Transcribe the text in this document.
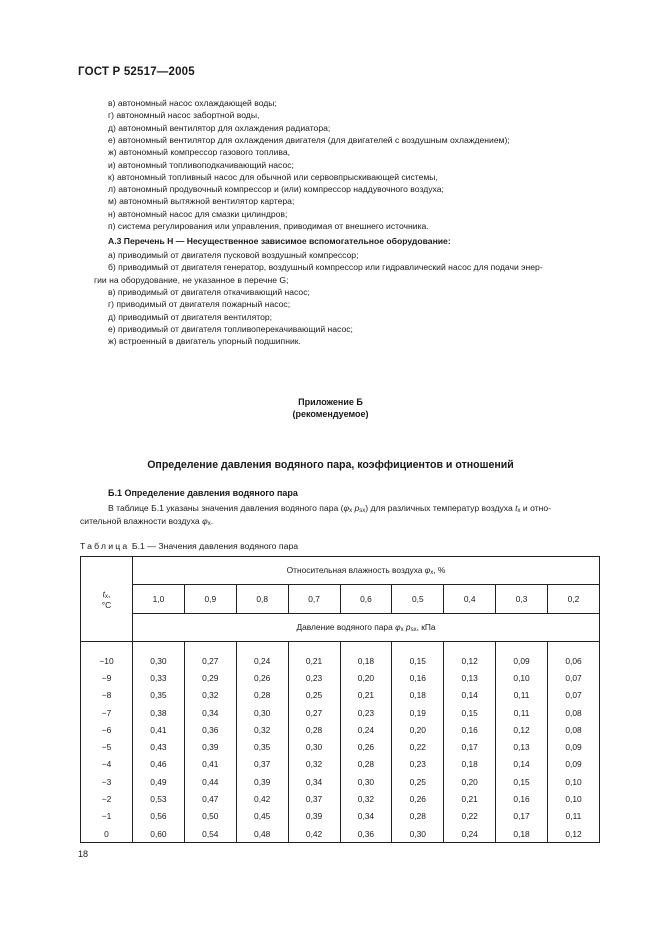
ГОСТ Р 52517—2005
в) автономный насос охлаждающей воды;
г) автономный насос забортной воды,
д) автономный вентилятор для охлаждения радиатора;
е) автономный вентилятор для охлаждения двигателя (для двигателей с воздушным охлаждением);
ж) автономный компрессор газового топлива,
и) автономный топливоподкачивающий насос;
к) автономный топливный насос для обычной или сервовпрыскивающей системы,
л) автономный продувочный компрессор и (или) компрессор наддувочного воздуха;
м) автономный вытяжной вентилятор картера;
н) автономный насос для смазки цилиндров;
п) система регулирования или управления, приводимая от внешнего источника.
А.3 Перечень Н — Несущественное зависимое вспомогательное оборудование:
а) приводимый от двигателя пусковой воздушный компрессор;
б) приводимый от двигателя генератор, воздушный компрессор или гидравлический насос для подачи энер-
гии на оборудование, не указанное в перечне G;
в) приводимый от двигателя откачивающий насос;
г) приводимый от двигателя пожарный насос;
д) приводимый от двигателя вентилятор;
е) приводимый от двигателя топливоперекачивающий насос;
ж) встроенный в двигатель упорный подшипник.
Приложение Б
(рекомендуемое)
Определение давления водяного пара, коэффициентов и отношений
Б.1 Определение давления водяного пара
В таблице Б.1 указаны значения давления водяного пара (φx psx) для различных температур воздуха tx и отно-
сительной влажности воздуха φx.
Таблица Б.1 — Значения давления водяного пара
tx,
°С	Относительная влажность воздуха φx, %								
	1,0	0,9	0,8	0,7	0,6	0,5	0,4	0,3	0,2
	Давление водяного пара φx psx, кПа								

−10	0,30	0,27	0,24	0,21	0,18	0,15	0,12	0,09	0,06
−9	0,33	0,29	0,26	0,23	0,20	0,16	0,13	0,10	0,07
−8	0,35	0,32	0,28	0,25	0,21	0,18	0,14	0,11	0,07
−7	0,38	0,34	0,30	0,27	0,23	0,19	0,15	0,11	0,08
−6	0,41	0,36	0,32	0,28	0,24	0,20	0,16	0,12	0,08
−5	0,43	0,39	0,35	0,30	0,26	0,22	0,17	0,13	0,09
−4	0,46	0,41	0,37	0,32	0,28	0,23	0,18	0,14	0,09
−3	0,49	0,44	0,39	0,34	0,30	0,25	0,20	0,15	0,10
−2	0,53	0,47	0,42	0,37	0,32	0,26	0,21	0,16	0,10
−1	0,56	0,50	0,45	0,39	0,34	0,28	0,22	0,17	0,11
0	0,60	0,54	0,48	0,42	0,36	0,30	0,24	0,18	0,12
18
